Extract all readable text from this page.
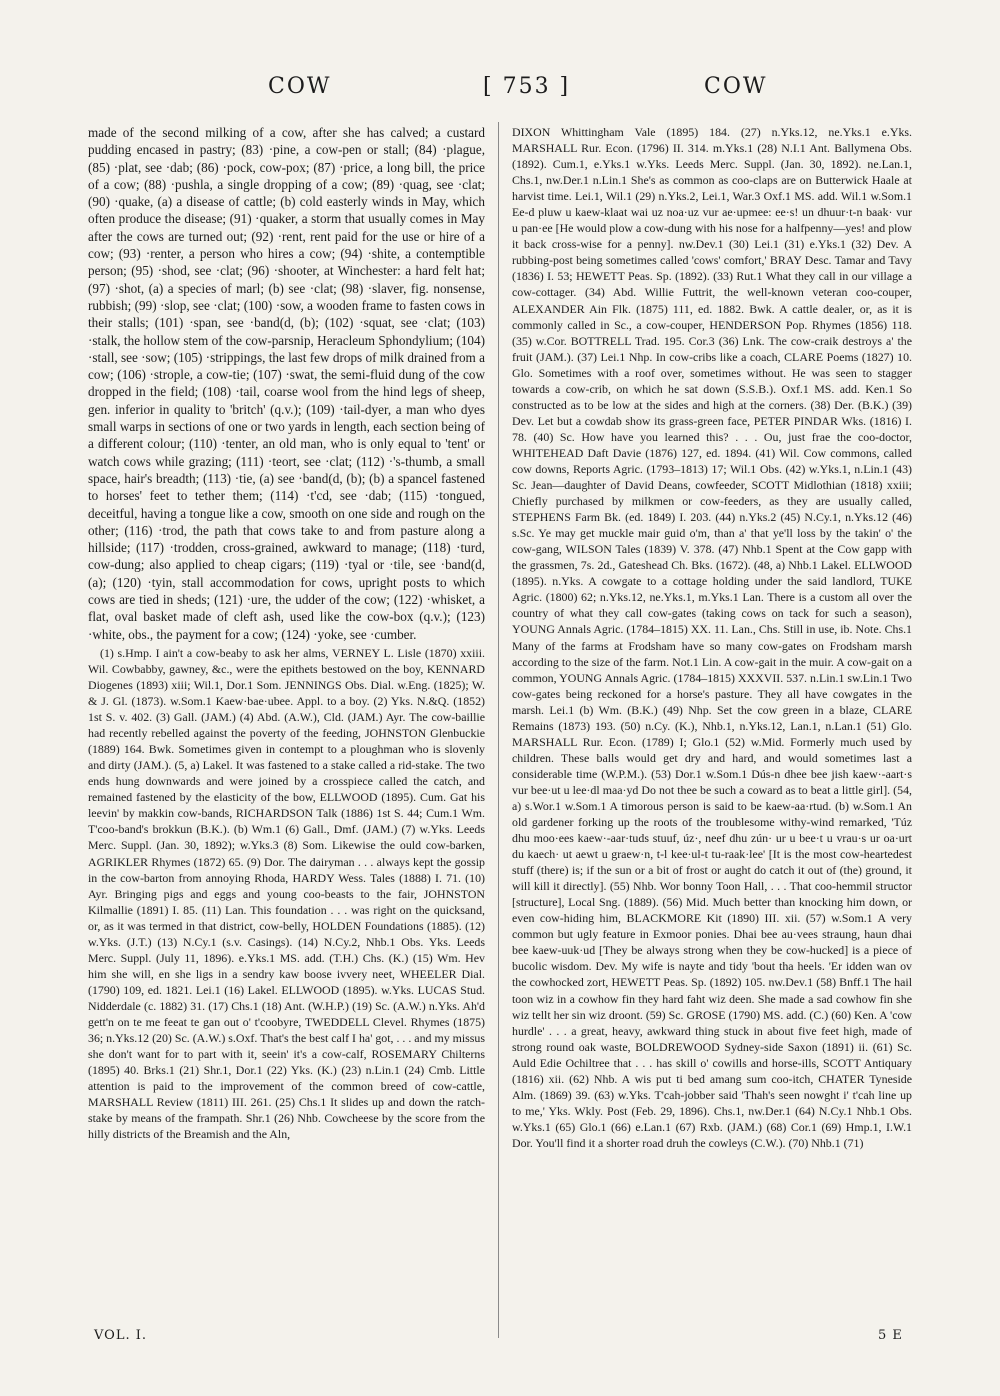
COW	[ 753 ]	COW

made of the second milking of a cow, after she has calved; a custard pudding encased in pastry; (83) ·pine, a cow-pen or stall; (84) ·plague, (85) ·plat, see ·dab; (86) ·pock, cow-pox; (87) ·price, a long bill, the price of a cow; (88) ·pushla, a single dropping of a cow; (89) ·quag, see ·clat; (90) ·quake, (a) a disease of cattle; (b) cold easterly winds in May, which often produce the disease; (91) ·quaker, a storm that usually comes in May after the cows are turned out; (92) ·rent, rent paid for the use or hire of a cow; (93) ·renter, a person who hires a cow; (94) ·shite, a contemptible person; (95) ·shod, see ·clat; (96) ·shooter, at Winchester: a hard felt hat; (97) ·shot, (a) a species of marl; (b) see ·clat; (98) ·slaver, fig. nonsense, rubbish; (99) ·slop, see ·clat; (100) ·sow, a wooden frame to fasten cows in their stalls; (101) ·span, see ·band(d, (b); (102) ·squat, see ·clat; (103) ·stalk, the hollow stem of the cow-parsnip, Heracleum Sphondylium; (104) ·stall, see ·sow; (105) ·strippings, the last few drops of milk drained from a cow; (106) ·strople, a cow-tie; (107) ·swat, the semi-fluid dung of the cow dropped in the field; (108) ·tail, coarse wool from the hind legs of sheep, gen. inferior in quality to 'britch' (q.v.); (109) ·tail-dyer, a man who dyes small warps in sections of one or two yards in length, each section being of a different colour; (110) ·tenter, an old man, who is only equal to 'tent' or watch cows while grazing; (111) ·teort, see ·clat; (112) ·'s-thumb, a small space, hair's breadth; (113) ·tie, (a) see ·band(d, (b); (b) a spancel fastened to horses' feet to tether them; (114) ·t'cd, see ·dab; (115) ·tongued, deceitful, having a tongue like a cow, smooth on one side and rough on the other; (116) ·trod, the path that cows take to and from pasture along a hillside; (117) ·trodden, cross-grained, awkward to manage; (118) ·turd, cow-dung; also applied to cheap cigars; (119) ·tyal or ·tile, see ·band(d, (a); (120) ·tyin, stall accommodation for cows, upright posts to which cows are tied in sheds; (121) ·ure, the udder of the cow; (122) ·whisket, a flat, oval basket made of cleft ash, used like the cow-box (q.v.); (123) ·white, obs., the payment for a cow; (124) ·yoke, see ·cumber.

(1) s.Hmp. I ain't a cow-beaby to ask her alms, VERNEY L. Lisle (1870) xxiii. Wil. Cowbabby, gawney, &c., were the epithets bestowed on the boy, KENNARD Diogenes (1893) xiii; Wil.1, Dor.1 Som. JENNINGS Obs. Dial. w.Eng. (1825); W. & J. Gl. (1873). w.Som.1 Kaew·bae·ubee. Appl. to a boy. (2) Yks. N.&Q. (1852) 1st S. v. 402. (3) Gall. (JAM.) (4) Abd. (A.W.), Cld. (JAM.) Ayr. The cow-baillie had recently rebelled against the poverty of the feeding, JOHNSTON Glenbuckie (1889) 164. Bwk. Sometimes given in contempt to a ploughman who is slovenly and dirty (JAM.). (5, a) Lakel. It was fastened to a stake called a rid-stake. The two ends hung downwards and were joined by a crosspiece called the catch, and remained fastened by the elasticity of the bow, ELLWOOD (1895). Cum. Gat his leevin' by makkin cow-bands, RICHARDSON Talk (1886) 1st S. 44; Cum.1 Wm. T'coo-band's brokkun (B.K.). (b) Wm.1 (6) Gall., Dmf. (JAM.) (7) w.Yks. Leeds Merc. Suppl. (Jan. 30, 1892); w.Yks.3 (8) Som. Likewise the ould cow-barken, AGRIKLER Rhymes (1872) 65. (9) Dor. The dairyman . . . always kept the gossip in the cow-barton from annoying Rhoda, HARDY Wess. Tales (1888) I. 71. (10) Ayr. Bringing pigs and eggs and young coo-beasts to the fair, JOHNSTON Kilmallie (1891) I. 85. (11) Lan. This foundation . . . was right on the quicksand, or, as it was termed in that district, cow-belly, HOLDEN Foundations (1885). (12) w.Yks. (J.T.) (13) N.Cy.1 (s.v. Casings). (14) N.Cy.2, Nhb.1 Obs. Yks. Leeds Merc. Suppl. (July 11, 1896). e.Yks.1 MS. add. (T.H.) Chs. (K.) (15) Wm. Hev him she will, en she ligs in a sendry kaw boose ivvery neet, WHEELER Dial. (1790) 109, ed. 1821. Lei.1 (16) Lakel. ELLWOOD (1895). w.Yks. LUCAS Stud. Nidderdale (c. 1882) 31. (17) Chs.1 (18) Ant. (W.H.P.) (19) Sc. (A.W.) n.Yks. Ah'd gett'n on te me feeat te gan out o' t'coobyre, TWEDDELL Clevel. Rhymes (1875) 36; n.Yks.12 (20) Sc. (A.W.) s.Oxf. That's the best calf I ha' got, . . . and my missus she don't want for to part with it, seein' it's a cow-calf, ROSEMARY Chilterns (1895) 40. Brks.1 (21) Shr.1, Dor.1 (22) Yks. (K.) (23) n.Lin.1 (24) Cmb. Little attention is paid to the improvement of the common breed of cow-cattle, MARSHALL Review (1811) III. 261. (25) Chs.1 It slides up and down the ratch-stake by means of the frampath. Shr.1 (26) Nhb. Cowcheese by the score from the hilly districts of the Breamish and the Aln,

DIXON Whittingham Vale (1895) 184. (27) n.Yks.12, ne.Yks.1 e.Yks. MARSHALL Rur. Econ. (1796) II. 314. m.Yks.1 (28) N.I.1 Ant. Ballymena Obs. (1892). Cum.1, e.Yks.1 w.Yks. Leeds Merc. Suppl. (Jan. 30, 1892). ne.Lan.1, Chs.1, nw.Der.1 n.Lin.1 She's as common as coo-claps are on Butterwick Haale at harvist time. Lei.1, Wil.1 (29) n.Yks.2, Lei.1, War.3 Oxf.1 MS. add. Wil.1 w.Som.1 Ee-d pluw u kaew-klaat wai uz noa·uz vur ae·upmee: ee·s! un dhuur·t-n baak· vur u pan·ee [He would plow a cow-dung with his nose for a halfpenny—yes! and plow it back cross-wise for a penny]. nw.Dev.1 (30) Lei.1 (31) e.Yks.1 (32) Dev. A rubbing-post being sometimes called 'cows' comfort,' BRAY Desc. Tamar and Tavy (1836) I. 53; HEWETT Peas. Sp. (1892). (33) Rut.1 What they call in our village a cow-cottager. (34) Abd. Willie Futtrit, the well-known veteran coo-couper, ALEXANDER Ain Flk. (1875) 111, ed. 1882. Bwk. A cattle dealer, or, as it is commonly called in Sc., a cow-couper, HENDERSON Pop. Rhymes (1856) 118. (35) w.Cor. BOTTRELL Trad. 195. Cor.3 (36) Lnk. The cow-craik destroys a' the fruit (JAM.). (37) Lei.1 Nhp. In cow-cribs like a coach, CLARE Poems (1827) 10. Glo. Sometimes with a roof over, sometimes without. He was seen to stagger towards a cow-crib, on which he sat down (S.S.B.). Oxf.1 MS. add. Ken.1 So constructed as to be low at the sides and high at the corners. (38) Der. (B.K.) (39) Dev. Let but a cowdab show its grass-green face, PETER PINDAR Wks. (1816) I. 78. (40) Sc. How have you learned this? . . . Ou, just frae the coo-doctor, WHITEHEAD Daft Davie (1876) 127, ed. 1894. (41) Wil. Cow commons, called cow downs, Reports Agric. (1793–1813) 17; Wil.1 Obs. (42) w.Yks.1, n.Lin.1 (43) Sc. Jean—daughter of David Deans, cowfeeder, SCOTT Midlothian (1818) xxiii; Chiefly purchased by milkmen or cow-feeders, as they are usually called, STEPHENS Farm Bk. (ed. 1849) I. 203. (44) n.Yks.2 (45) N.Cy.1, n.Yks.12 (46) s.Sc. Ye may get muckle mair guid o'm, than a' that ye'll loss by the takin' o' the cow-gang, WILSON Tales (1839) V. 378. (47) Nhb.1 Spent at the Cow gapp with the grassmen, 7s. 2d., Gateshead Ch. Bks. (1672). (48, a) Nhb.1 Lakel. ELLWOOD (1895). n.Yks. A cowgate to a cottage holding under the said landlord, TUKE Agric. (1800) 62; n.Yks.12, ne.Yks.1, m.Yks.1 Lan. There is a custom all over the country of what they call cow-gates (taking cows on tack for such a season), YOUNG Annals Agric. (1784–1815) XX. 11. Lan., Chs. Still in use, ib. Note. Chs.1 Many of the farms at Frodsham have so many cow-gates on Frodsham marsh according to the size of the farm. Not.1 Lin. A cow-gait in the muir. A cow-gait on a common, YOUNG Annals Agric. (1784–1815) XXXVII. 537. n.Lin.1 sw.Lin.1 Two cow-gates being reckoned for a horse's pasture. They all have cowgates in the marsh. Lei.1 (b) Wm. (B.K.) (49) Nhp. Set the cow green in a blaze, CLARE Remains (1873) 193. (50) n.Cy. (K.), Nhb.1, n.Yks.12, Lan.1, n.Lan.1 (51) Glo. MARSHALL Rur. Econ. (1789) I; Glo.1 (52) w.Mid. Formerly much used by children. These balls would get dry and hard, and would sometimes last a considerable time (W.P.M.). (53) Dor.1 w.Som.1 Dús-n dhee bee jish kaew·-aart·s vur bee·ut u lee·dl maa·yd Do not thee be such a coward as to beat a little girl]. (54, a) s.Wor.1 w.Som.1 A timorous person is said to be kaew-aa·rtud. (b) w.Som.1 An old gardener forking up the roots of the troublesome withy-wind remarked, 'Túz dhu moo·ees kaew·-aar·tuds stuuf, úz·, neef dhu zún· ur u bee·t u vrau·s ur oa·urt du kaech· ut aewt u graew·n, t-l kee·ul-t tu-raak·lee' [It is the most cow-heartedest stuff (there) is; if the sun or a bit of frost or aught do catch it out of (the) ground, it will kill it directly]. (55) Nhb. Wor bonny Toon Hall, . . . That coo-hemmil structor [structure], Local Sng. (1889). (56) Mid. Much better than knocking him down, or even cow-hiding him, BLACKMORE Kit (1890) III. xii. (57) w.Som.1 A very common but ugly feature in Exmoor ponies. Dhai bee au·vees straung, haun dhai bee kaew-uuk·ud [They be always strong when they be cow-hucked] is a piece of bucolic wisdom. Dev. My wife is nayte and tidy 'bout tha heels. 'Er idden wan ov the cowhocked zort, HEWETT Peas. Sp. (1892) 105. nw.Dev.1 (58) Bnff.1 The hail toon wiz in a cowhow fin they hard faht wiz deen. She made a sad cowhow fin she wiz tellt her sin wiz droont. (59) Sc. GROSE (1790) MS. add. (C.) (60) Ken. A 'cow hurdle' . . . a great, heavy, awkward thing stuck in about five feet high, made of strong round oak waste, BOLDREWOOD Sydney-side Saxon (1891) ii. (61) Sc. Auld Edie Ochiltree that . . . has skill o' cowills and horse-ills, SCOTT Antiquary (1816) xii. (62) Nhb. A wis put ti bed amang sum coo-itch, CHATER Tyneside Alm. (1869) 39. (63) w.Yks. T'cah-jobber said 'Thah's seen nowght i' t'cah line up to me,' Yks. Wkly. Post (Feb. 29, 1896). Chs.1, nw.Der.1 (64) N.Cy.1 Nhb.1 Obs. w.Yks.1 (65) Glo.1 (66) e.Lan.1 (67) Rxb. (JAM.) (68) Cor.1 (69) Hmp.1, I.W.1 Dor. You'll find it a shorter road druh the cowleys (C.W.). (70) Nhb.1 (71)

VOL. I.	5 E
